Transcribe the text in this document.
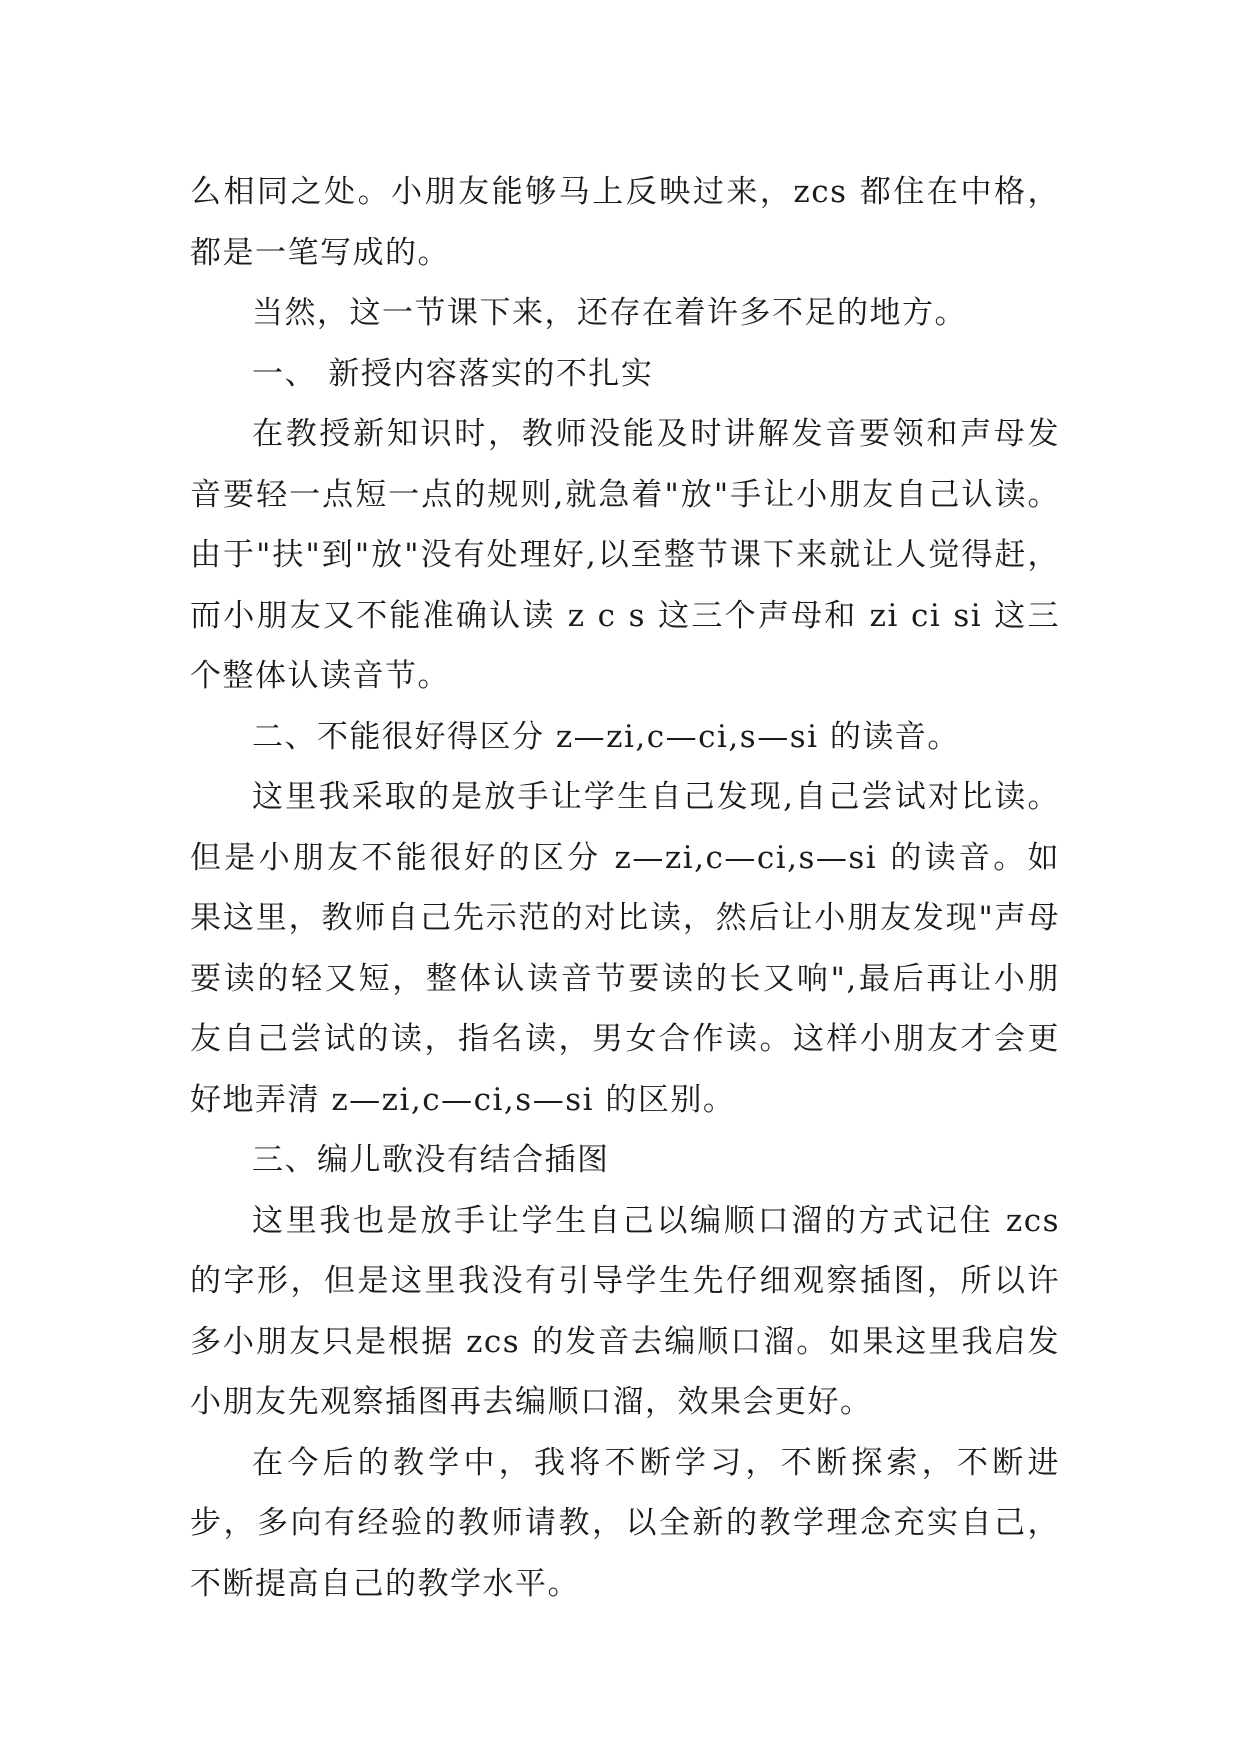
么相同之处。小朋友能够马上反映过来，zcs 都住在中格，都是一笔写成的。

当然，这一节课下来，还存在着许多不足的地方。

一、 新授内容落实的不扎实

在教授新知识时，教师没能及时讲解发音要领和声母发音要轻一点短一点的规则,就急着"放"手让小朋友自己认读。由于"扶"到"放"没有处理好,以至整节课下来就让人觉得赶，而小朋友又不能准确认读 z c s 这三个声母和 zi ci si 这三个整体认读音节。

二、不能很好得区分 z—zi,c—ci,s—si 的读音。

这里我采取的是放手让学生自己发现,自己尝试对比读。但是小朋友不能很好的区分 z—zi,c—ci,s—si 的读音。如果这里，教师自己先示范的对比读，然后让小朋友发现"声母要读的轻又短，整体认读音节要读的长又响",最后再让小朋友自己尝试的读，指名读，男女合作读。这样小朋友才会更好地弄清 z—zi,c—ci,s—si 的区别。

三、编儿歌没有结合插图

这里我也是放手让学生自己以编顺口溜的方式记住 zcs 的字形，但是这里我没有引导学生先仔细观察插图，所以许多小朋友只是根据 zcs 的发音去编顺口溜。如果这里我启发小朋友先观察插图再去编顺口溜，效果会更好。

在今后的教学中，我将不断学习，不断探索，不断进步，多向有经验的教师请教，以全新的教学理念充实自己，不断提高自己的教学水平。
